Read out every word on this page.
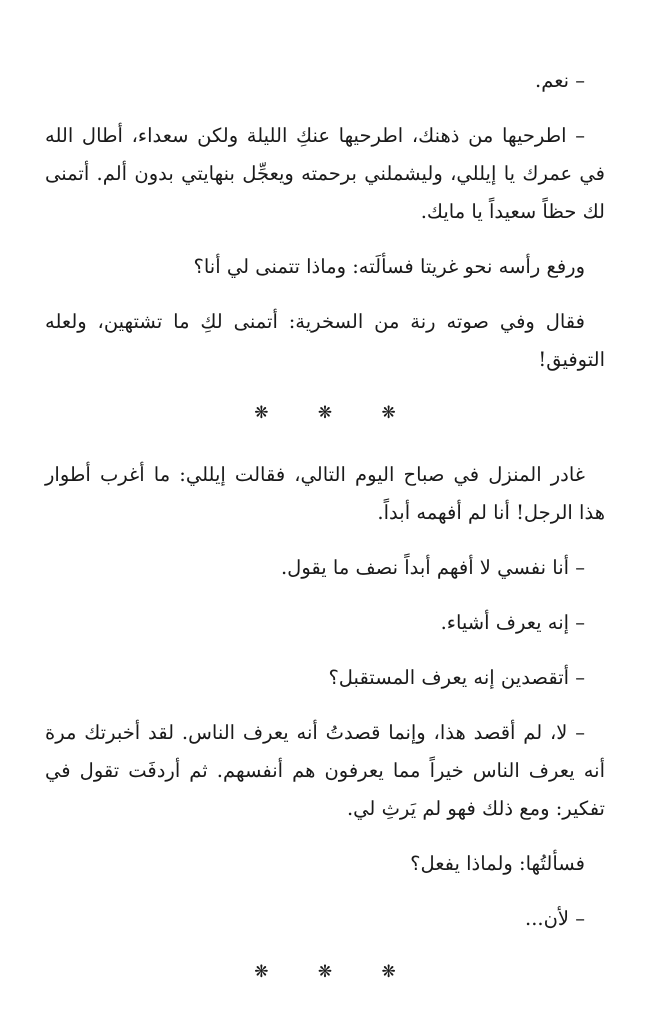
– نعم.

– اطرحيها من ذهنك، اطرحيها عنكِ الليلة ولكن سعداء، أطال الله في عمرك يا إيللي، وليشملني برحمته ويعجِّل بنهايتي بدون ألم. أتمنى لك حظاً سعيداً يا مايك.

ورفع رأسه نحو غريتا فسألَته: وماذا تتمنى لي أنا؟

فقال وفي صوته رنة من السخرية: أتمنى لكِ ما تشتهين، ولعله التوفيق!

❋ ❋ ❋

غادر المنزل في صباح اليوم التالي، فقالت إيللي: ما أغرب أطوار هذا الرجل! أنا لم أفهمه أبداً.

– أنا نفسي لا أفهم أبداً نصف ما يقول.

– إنه يعرف أشياء.

– أتقصدين إنه يعرف المستقبل؟

– لا، لم أقصد هذا، وإنما قصدتُ أنه يعرف الناس. لقد أخبرتك مرة أنه يعرف الناس خيراً مما يعرفون هم أنفسهم. ثم أردفَت تقول في تفكير: ومع ذلك فهو لم يَرثِ لي.

فسألتُها: ولماذا يفعل؟

– لأن...

❋ ❋ ❋
